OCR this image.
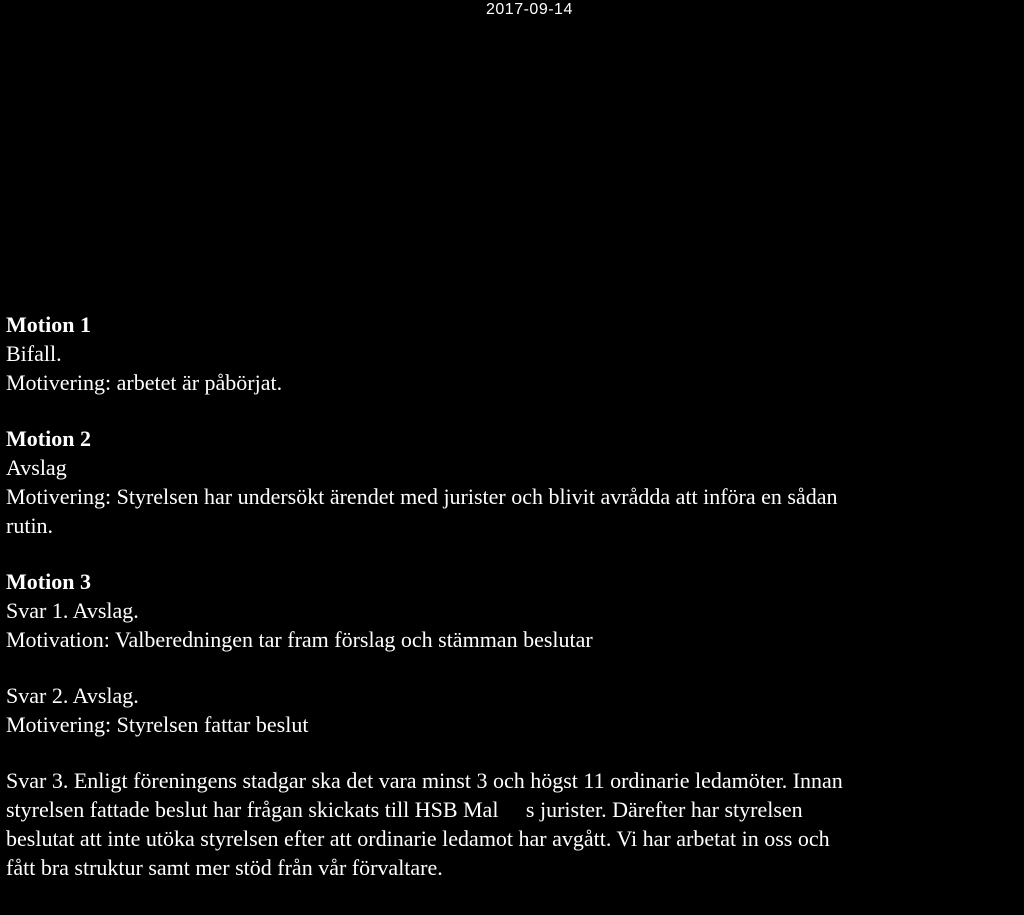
2017-09-14
Motion 1
Bifall.
Motivering: arbetet är påbörjat.
Motion 2
Avslag
Motivering: Styrelsen har undersökt ärendet med jurister och blivit avrådda att införa en sådan
rutin.
Motion 3
Svar 1. Avslag.
Motivation: Valberedningen tar fram förslag och stämman beslutar
Svar 2. Avslag.
Motivering: Styrelsen fattar beslut
Svar 3. Enligt föreningens stadgar ska det vara minst 3 och högst 11 ordinarie ledamöter. Innan
styrelsen fattade beslut har frågan skickats till HSB Mal     s jurister. Därefter har styrelsen
beslutat att inte utöka styrelsen efter att ordinarie ledamot har avgått. Vi har arbetat in oss och
fått bra struktur samt mer stöd från vår förvaltare.
